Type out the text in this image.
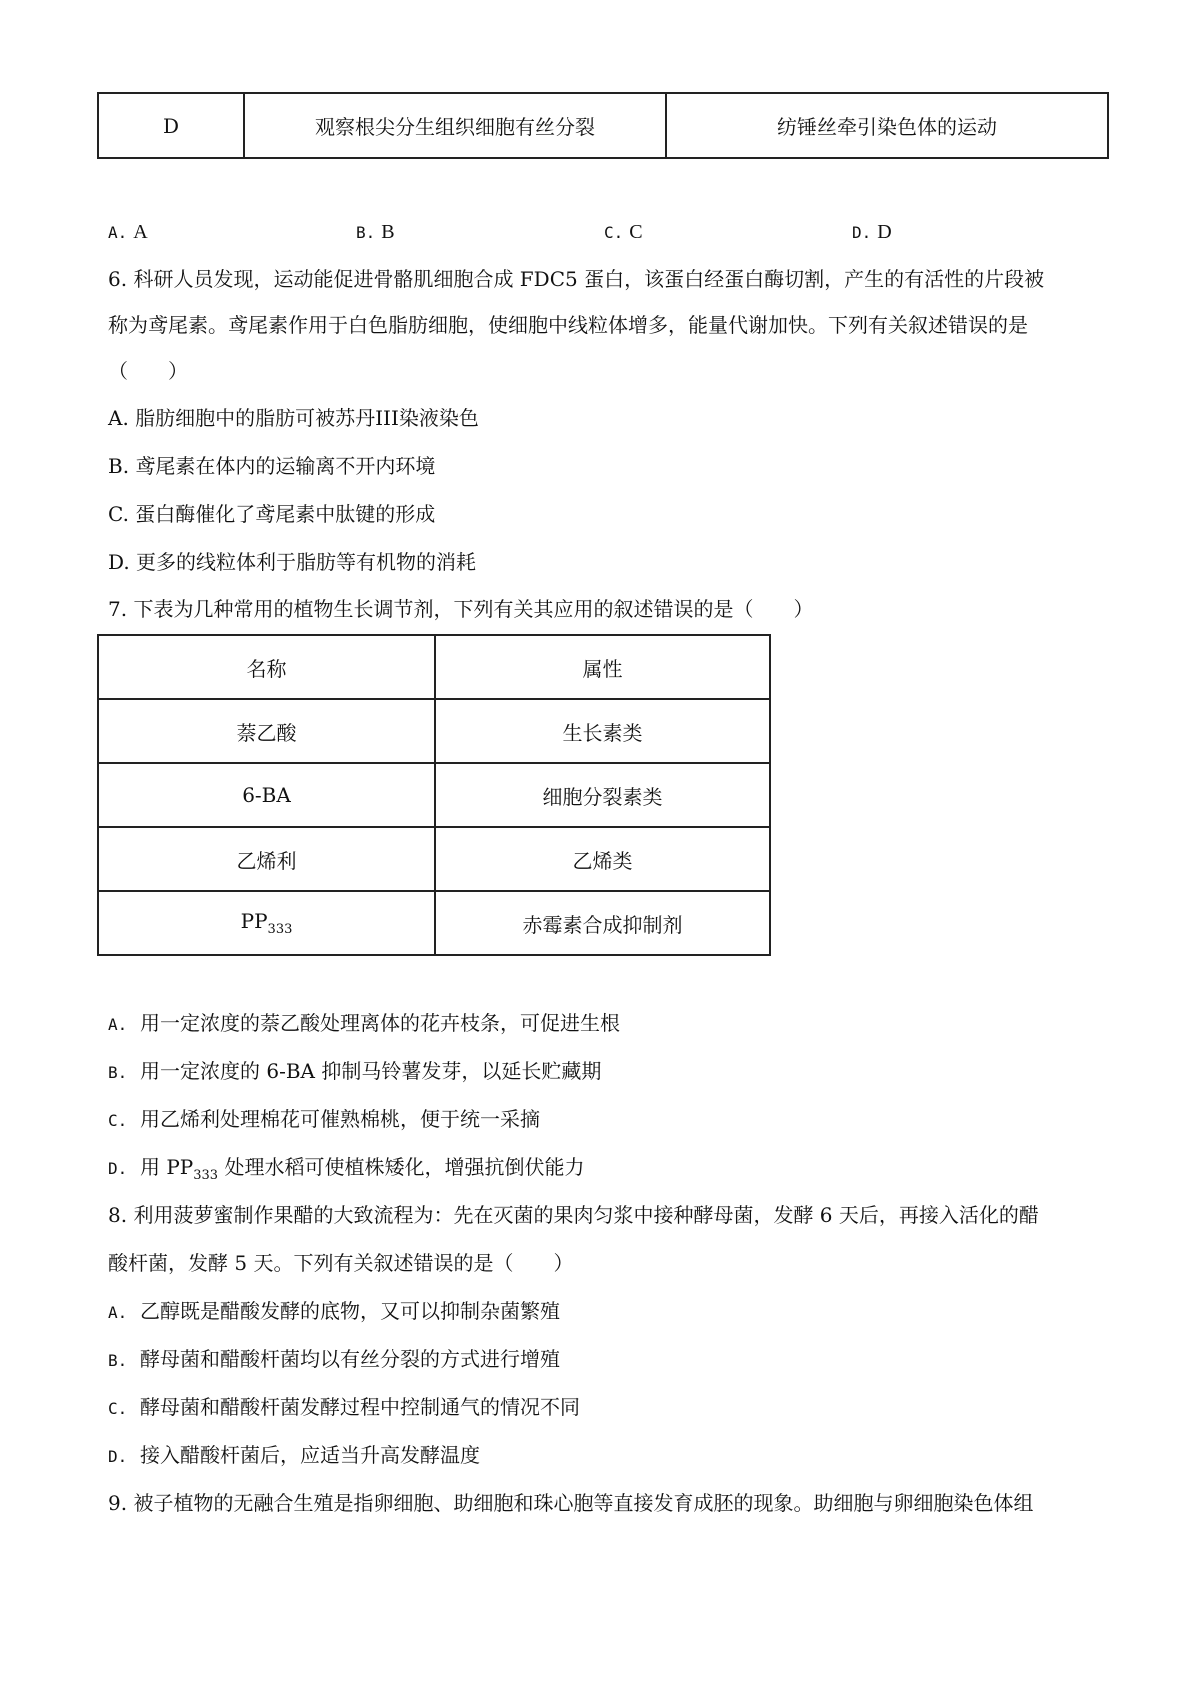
D	观察根尖分生组织细胞有丝分裂	纺锤丝牵引染色体的运动
A. A	B. B	C. C	D. D
6. 科研人员发现，运动能促进骨骼肌细胞合成 FDC5 蛋白，该蛋白经蛋白酶切割，产生的有活性的片段被
称为鸢尾素。鸢尾素作用于白色脂肪细胞，使细胞中线粒体增多，能量代谢加快。下列有关叙述错误的是
（　　）
A. 脂肪细胞中的脂肪可被苏丹III染液染色
B. 鸢尾素在体内的运输离不开内环境
C. 蛋白酶催化了鸢尾素中肽键的形成
D. 更多的线粒体利于脂肪等有机物的消耗
7. 下表为几种常用的植物生长调节剂，下列有关其应用的叙述错误的是（　　）
名称	属性
萘乙酸	生长素类
6-BA	细胞分裂素类
乙烯利	乙烯类
$PP_{333}$	赤霉素合成抑制剂
A. 用一定浓度的萘乙酸处理离体的花卉枝条，可促进生根
B. 用一定浓度的 6-BA 抑制马铃薯发芽，以延长贮藏期
C. 用乙烯利处理棉花可催熟棉桃，便于统一采摘
D. 用 $PP_{333}$ 处理水稻可使植株矮化，增强抗倒伏能力
8. 利用菠萝蜜制作果醋的大致流程为：先在灭菌的果肉匀浆中接种酵母菌，发酵 6 天后，再接入活化的醋
酸杆菌，发酵 5 天。下列有关叙述错误的是（　　）
A. 乙醇既是醋酸发酵的底物，又可以抑制杂菌繁殖
B. 酵母菌和醋酸杆菌均以有丝分裂的方式进行增殖
C. 酵母菌和醋酸杆菌发酵过程中控制通气的情况不同
D. 接入醋酸杆菌后，应适当升高发酵温度
9. 被子植物的无融合生殖是指卵细胞、助细胞和珠心胞等直接发育成胚的现象。助细胞与卵细胞染色体组
